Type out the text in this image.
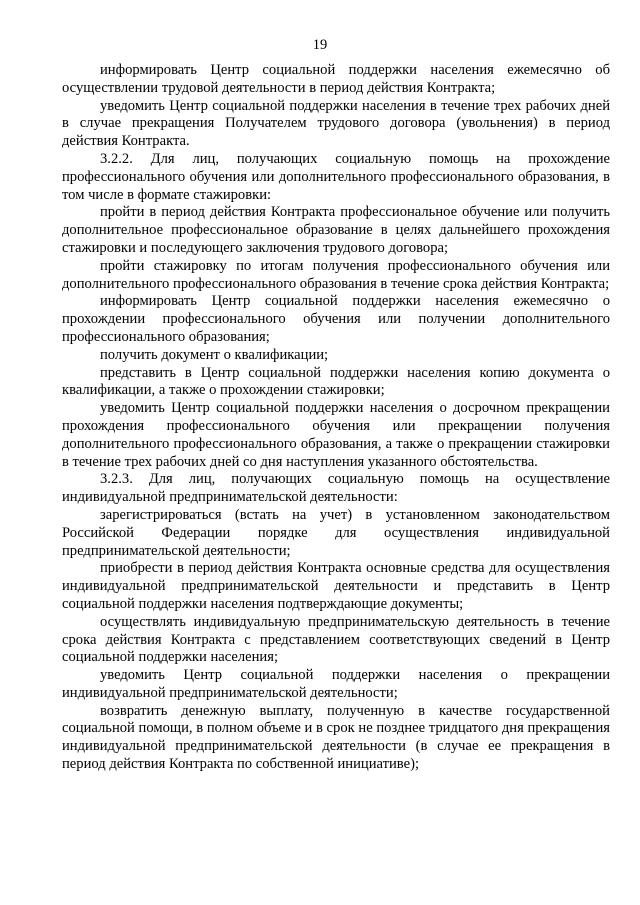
19

информировать Центр социальной поддержки населения ежемесячно об осуществлении трудовой деятельности в период действия Контракта;

уведомить Центр социальной поддержки населения в течение трех рабочих дней в случае прекращения Получателем трудового договора (увольнения) в период действия Контракта.

3.2.2. Для лиц, получающих социальную помощь на прохождение профессионального обучения или дополнительного профессионального образования, в том числе в формате стажировки:

пройти в период действия Контракта профессиональное обучение или получить дополнительное профессиональное образование в целях дальнейшего прохождения стажировки и последующего заключения трудового договора;

пройти стажировку по итогам получения профессионального обучения или дополнительного профессионального образования в течение срока действия Контракта;

информировать Центр социальной поддержки населения ежемесячно о прохождении профессионального обучения или получении дополнительного профессионального образования;

получить документ о квалификации;

представить в Центр социальной поддержки населения копию документа о квалификации, а также о прохождении стажировки;

уведомить Центр социальной поддержки населения о досрочном прекращении прохождения профессионального обучения или прекращении получения дополнительного профессионального образования, а также о прекращении стажировки в течение трех рабочих дней со дня наступления указанного обстоятельства.

3.2.3. Для лиц, получающих социальную помощь на осуществление индивидуальной предпринимательской деятельности:

зарегистрироваться (встать на учет) в установленном законодательством Российской Федерации порядке для осуществления индивидуальной предпринимательской деятельности;

приобрести в период действия Контракта основные средства для осуществления индивидуальной предпринимательской деятельности и представить в Центр социальной поддержки населения подтверждающие документы;

осуществлять индивидуальную предпринимательскую деятельность в течение срока действия Контракта с представлением соответствующих сведений в Центр социальной поддержки населения;

уведомить Центр социальной поддержки населения о прекращении индивидуальной предпринимательской деятельности;

возвратить денежную выплату, полученную в качестве государственной социальной помощи, в полном объеме и в срок не позднее тридцатого дня прекращения индивидуальной предпринимательской деятельности (в случае ее прекращения в период действия Контракта по собственной инициативе);
